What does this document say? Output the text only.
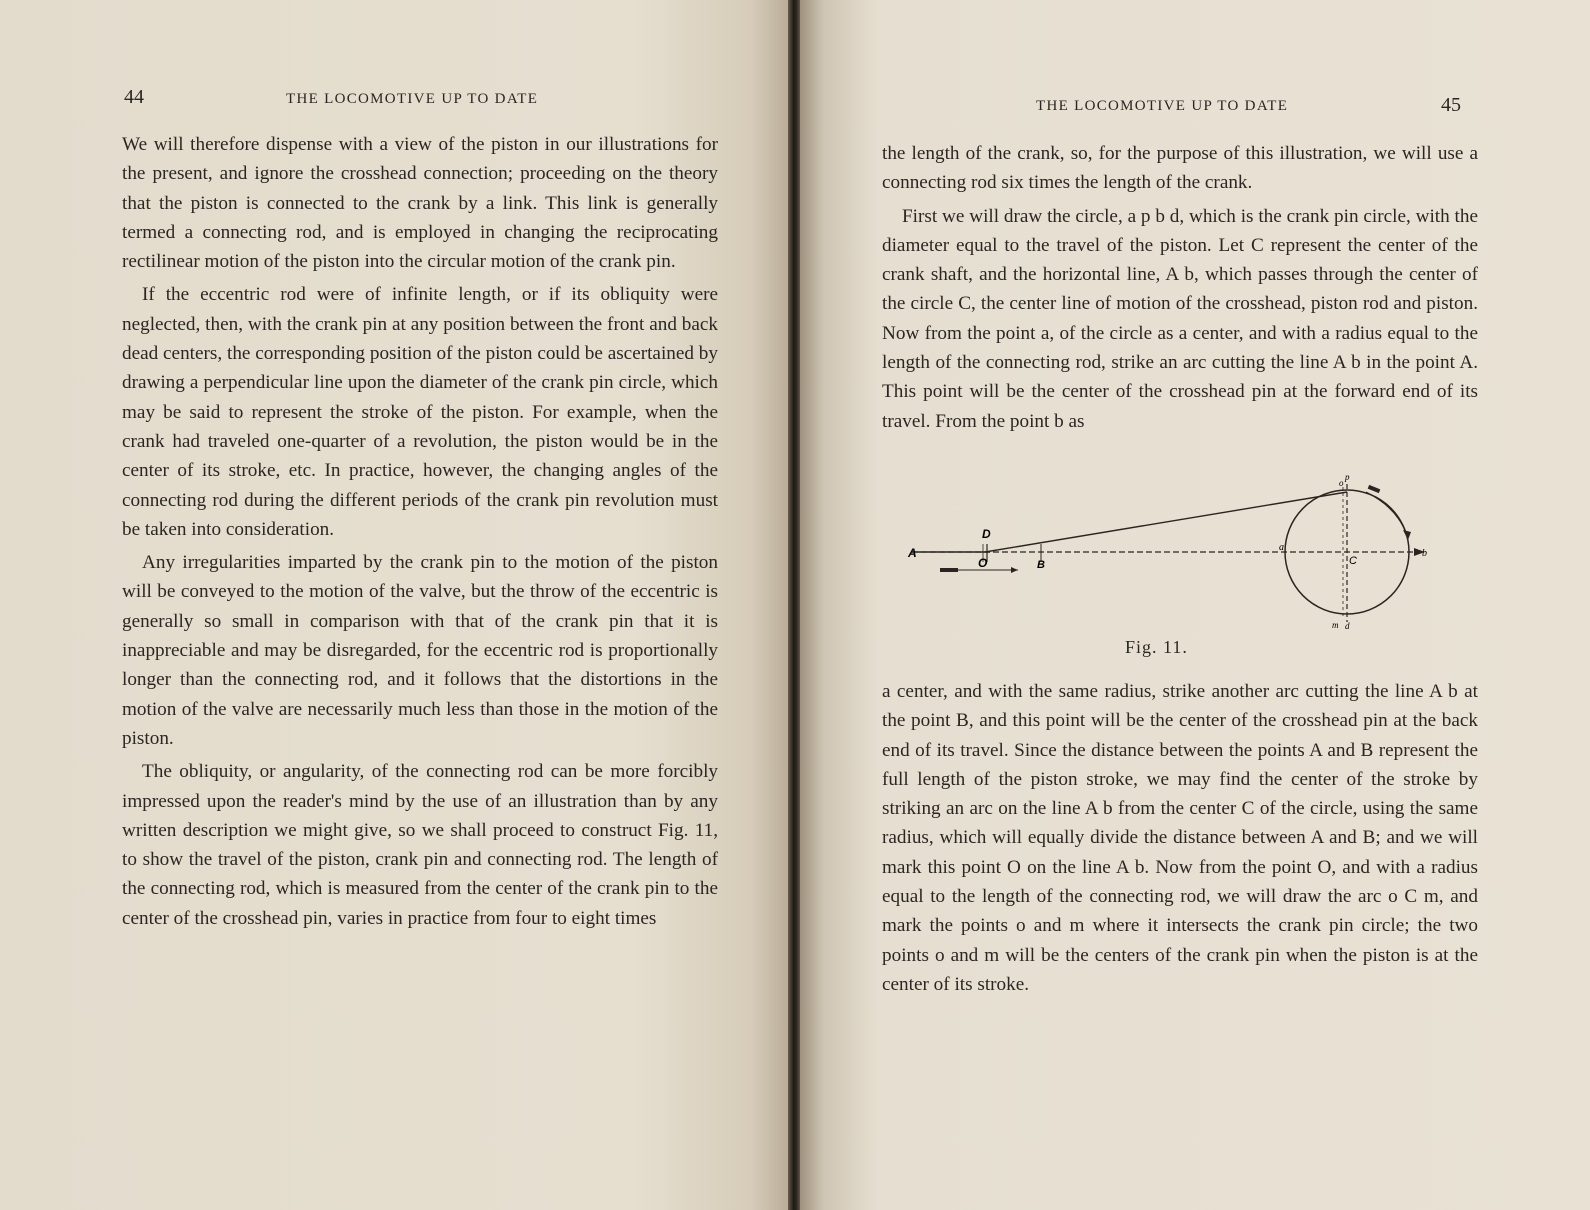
44	THE LOCOMOTIVE UP TO DATE

We will therefore dispense with a view of the piston in our illustrations for the present, and ignore the crosshead connection; proceeding on the theory that the piston is connected to the crank by a link. This link is generally termed a connecting rod, and is employed in changing the reciprocating rectilinear motion of the piston into the circular motion of the crank pin.

If the eccentric rod were of infinite length, or if its obliquity were neglected, then, with the crank pin at any position between the front and back dead centers, the corresponding position of the piston could be ascertained by drawing a perpendicular line upon the diameter of the crank pin circle, which may be said to represent the stroke of the piston. For example, when the crank had traveled one-quarter of a revolution, the piston would be in the center of its stroke, etc. In practice, however, the changing angles of the connecting rod during the different periods of the crank pin revolution must be taken into consideration.

Any irregularities imparted by the crank pin to the motion of the piston will be conveyed to the motion of the valve, but the throw of the eccentric is generally so small in comparison with that of the crank pin that it is inappreciable and may be disregarded, for the eccentric rod is proportionally longer than the connecting rod, and it follows that the distortions in the motion of the valve are necessarily much less than those in the motion of the piston.

The obliquity, or angularity, of the connecting rod can be more forcibly impressed upon the reader's mind by the use of an illustration than by any written description we might give, so we shall proceed to construct Fig. 11, to show the travel of the piston, crank pin and connecting rod. The length of the connecting rod, which is measured from the center of the crank pin to the center of the crosshead pin, varies in practice from four to eight times

THE LOCOMOTIVE UP TO DATE	45

the length of the crank, so, for the purpose of this illustration, we will use a connecting rod six times the length of the crank.

First we will draw the circle, a p b d, which is the crank pin circle, with the diameter equal to the travel of the piston. Let C represent the center of the crank shaft, and the horizontal line, A b, which passes through the center of the circle C, the center line of motion of the crosshead, piston rod and piston. Now from the point a, of the circle as a center, and with a radius equal to the length of the connecting rod, strike an arc cutting the line A b in the point A. This point will be the center of the crosshead pin at the forward end of its travel. From the point b as

A
D
O	B
a
C
b
o
p
m d
Fig. 11.

a center, and with the same radius, strike another arc cutting the line A b at the point B, and this point will be the center of the crosshead pin at the back end of its travel. Since the distance between the points A and B represent the full length of the piston stroke, we may find the center of the stroke by striking an arc on the line A b from the center C of the circle, using the same radius, which will equally divide the distance between A and B; and we will mark this point O on the line A b. Now from the point O, and with a radius equal to the length of the connecting rod, we will draw the arc o C m, and mark the points o and m where it intersects the crank pin circle; the two points o and m will be the centers of the crank pin when the piston is at the center of its stroke.
